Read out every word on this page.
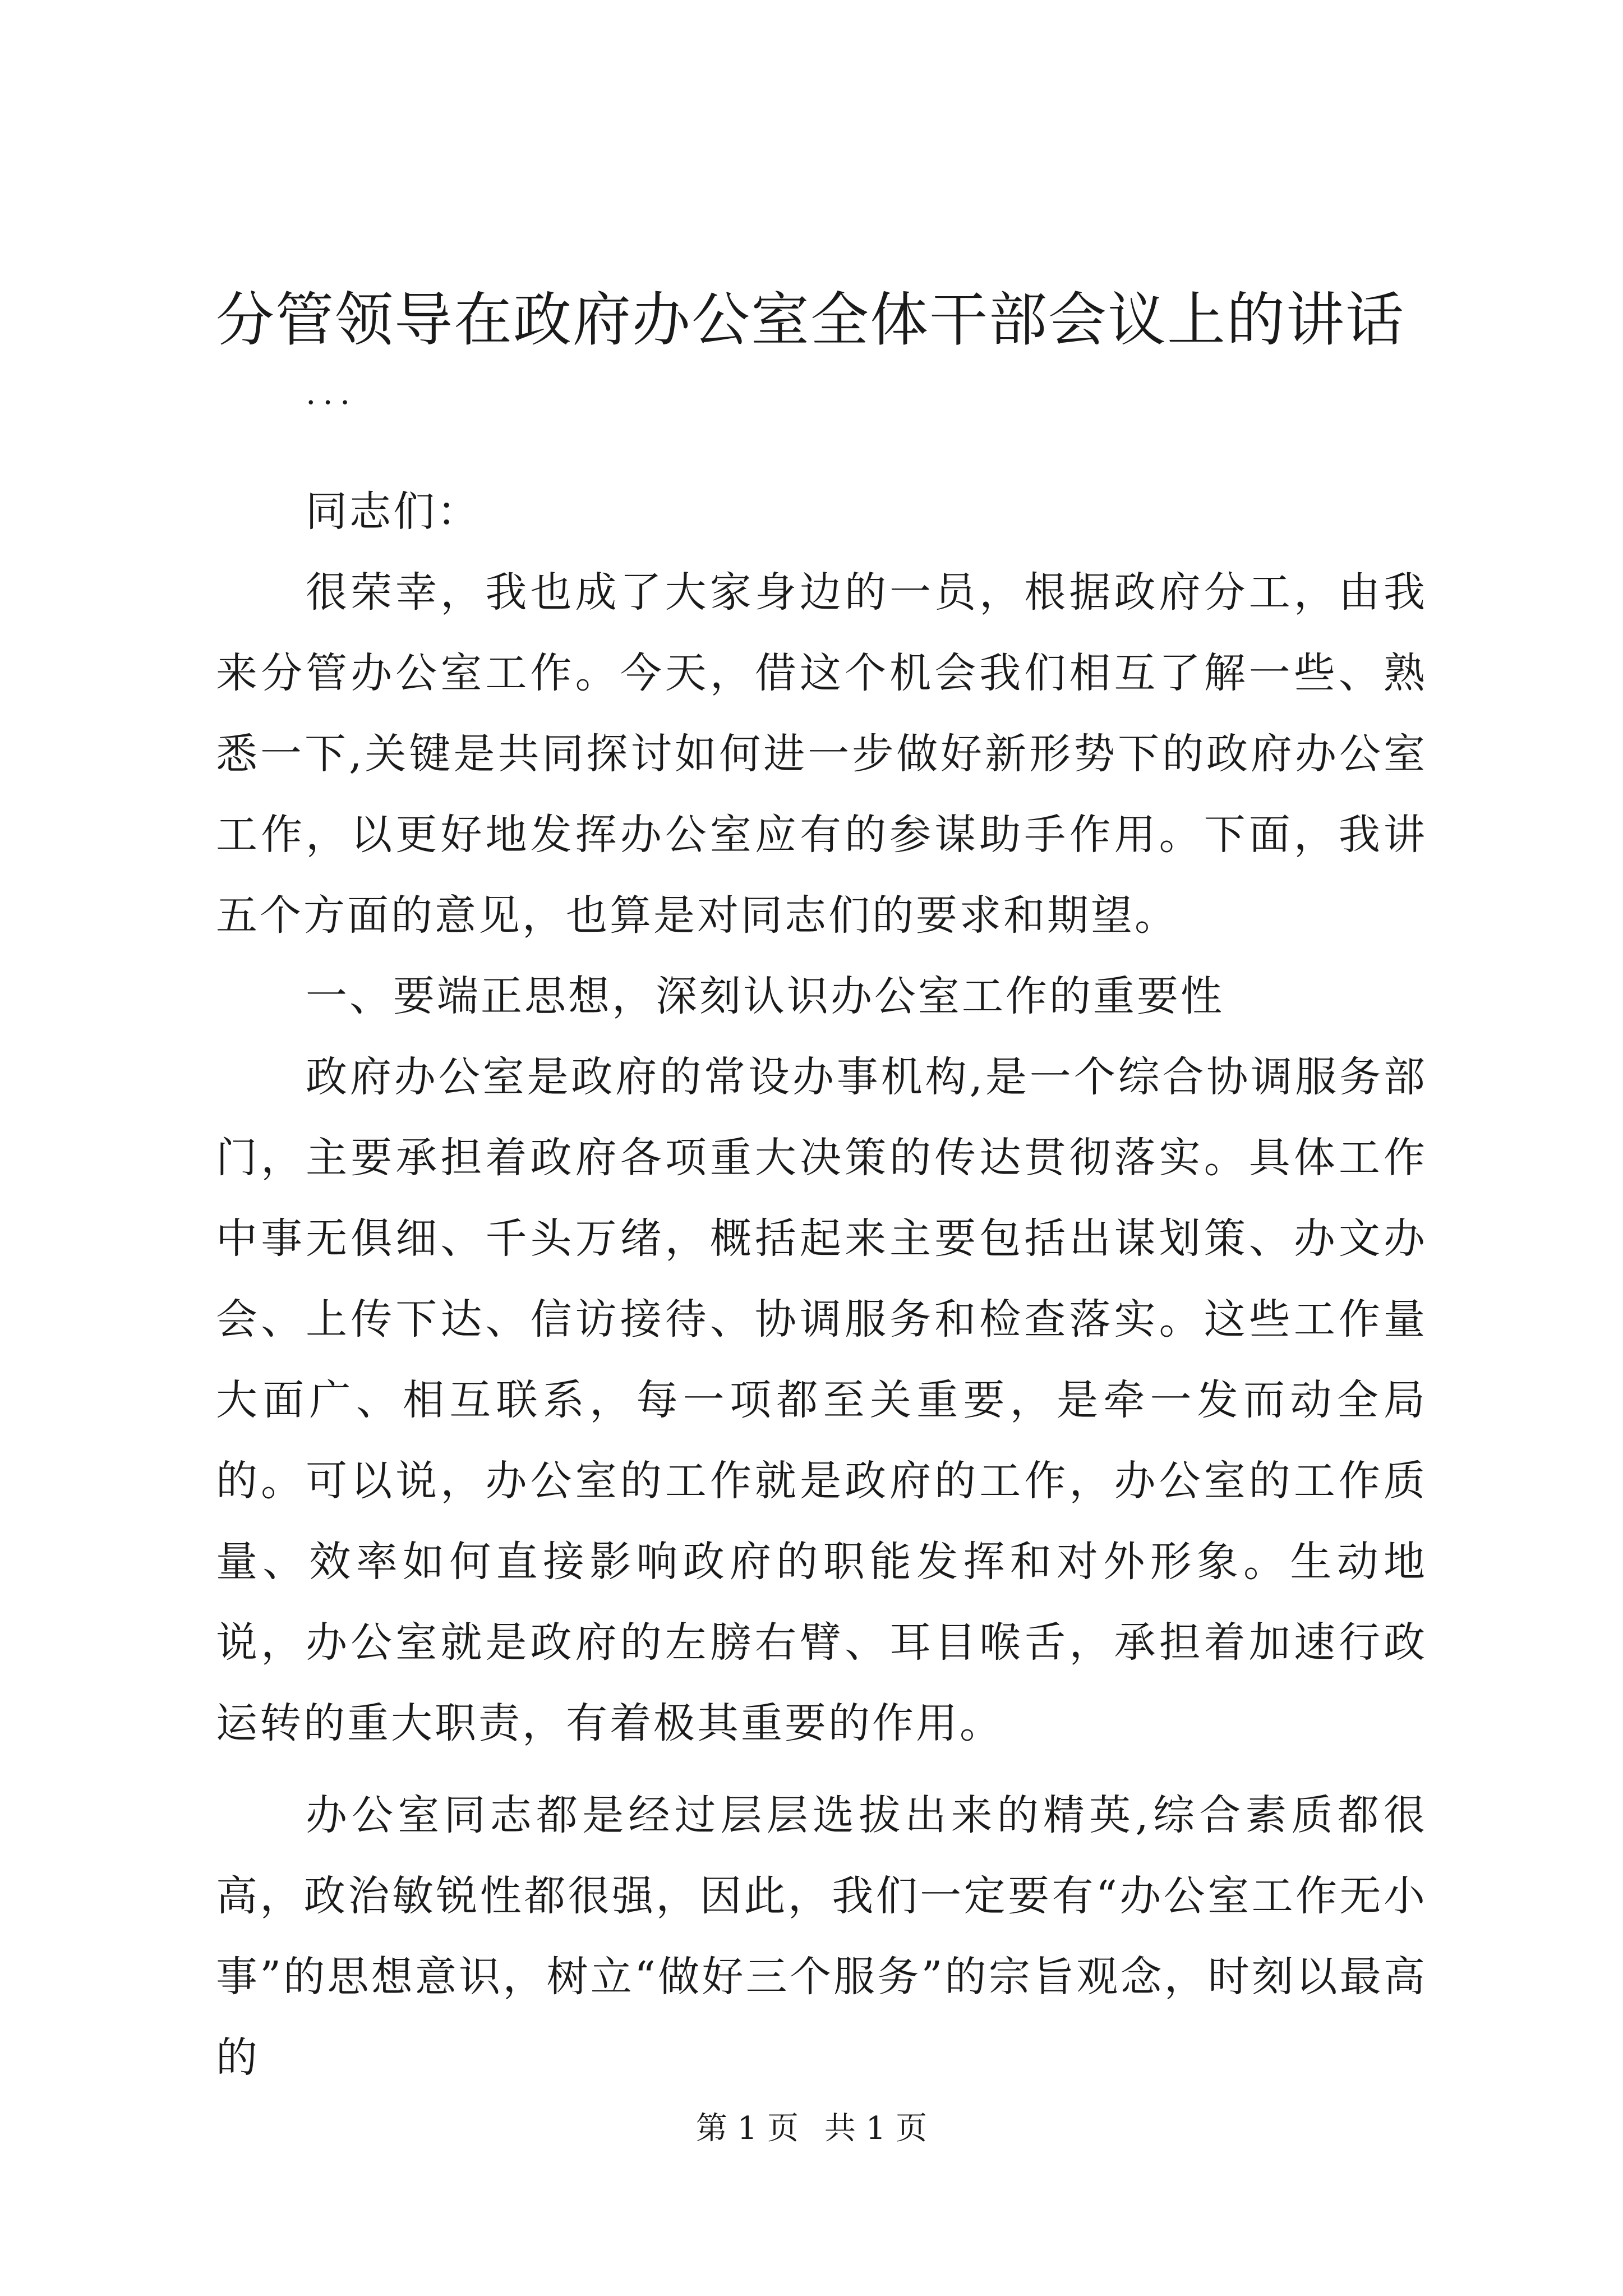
分管领导在政府办公室全体干部会议上的讲话
...

同志们：

很荣幸，我也成了大家身边的一员，根据政府分工，由我来分管办公室工作。今天，借这个机会我们相互了解一些、熟悉一下,关键是共同探讨如何进一步做好新形势下的政府办公室工作，以更好地发挥办公室应有的参谋助手作用。下面，我讲五个方面的意见，也算是对同志们的要求和期望。

一、要端正思想，深刻认识办公室工作的重要性

政府办公室是政府的常设办事机构,是一个综合协调服务部门，主要承担着政府各项重大决策的传达贯彻落实。具体工作中事无俱细、千头万绪，概括起来主要包括出谋划策、办文办会、上传下达、信访接待、协调服务和检查落实。这些工作量大面广、相互联系，每一项都至关重要，是牵一发而动全局的。可以说，办公室的工作就是政府的工作，办公室的工作质量、效率如何直接影响政府的职能发挥和对外形象。生动地说，办公室就是政府的左膀右臂、耳目喉舌，承担着加速行政运转的重大职责，有着极其重要的作用。

办公室同志都是经过层层选拔出来的精英,综合素质都很高，政治敏锐性都很强，因此，我们一定要有“办公室工作无小事”的思想意识，树立“做好三个服务”的宗旨观念，时刻以最高的

第 1 页 共 1 页
